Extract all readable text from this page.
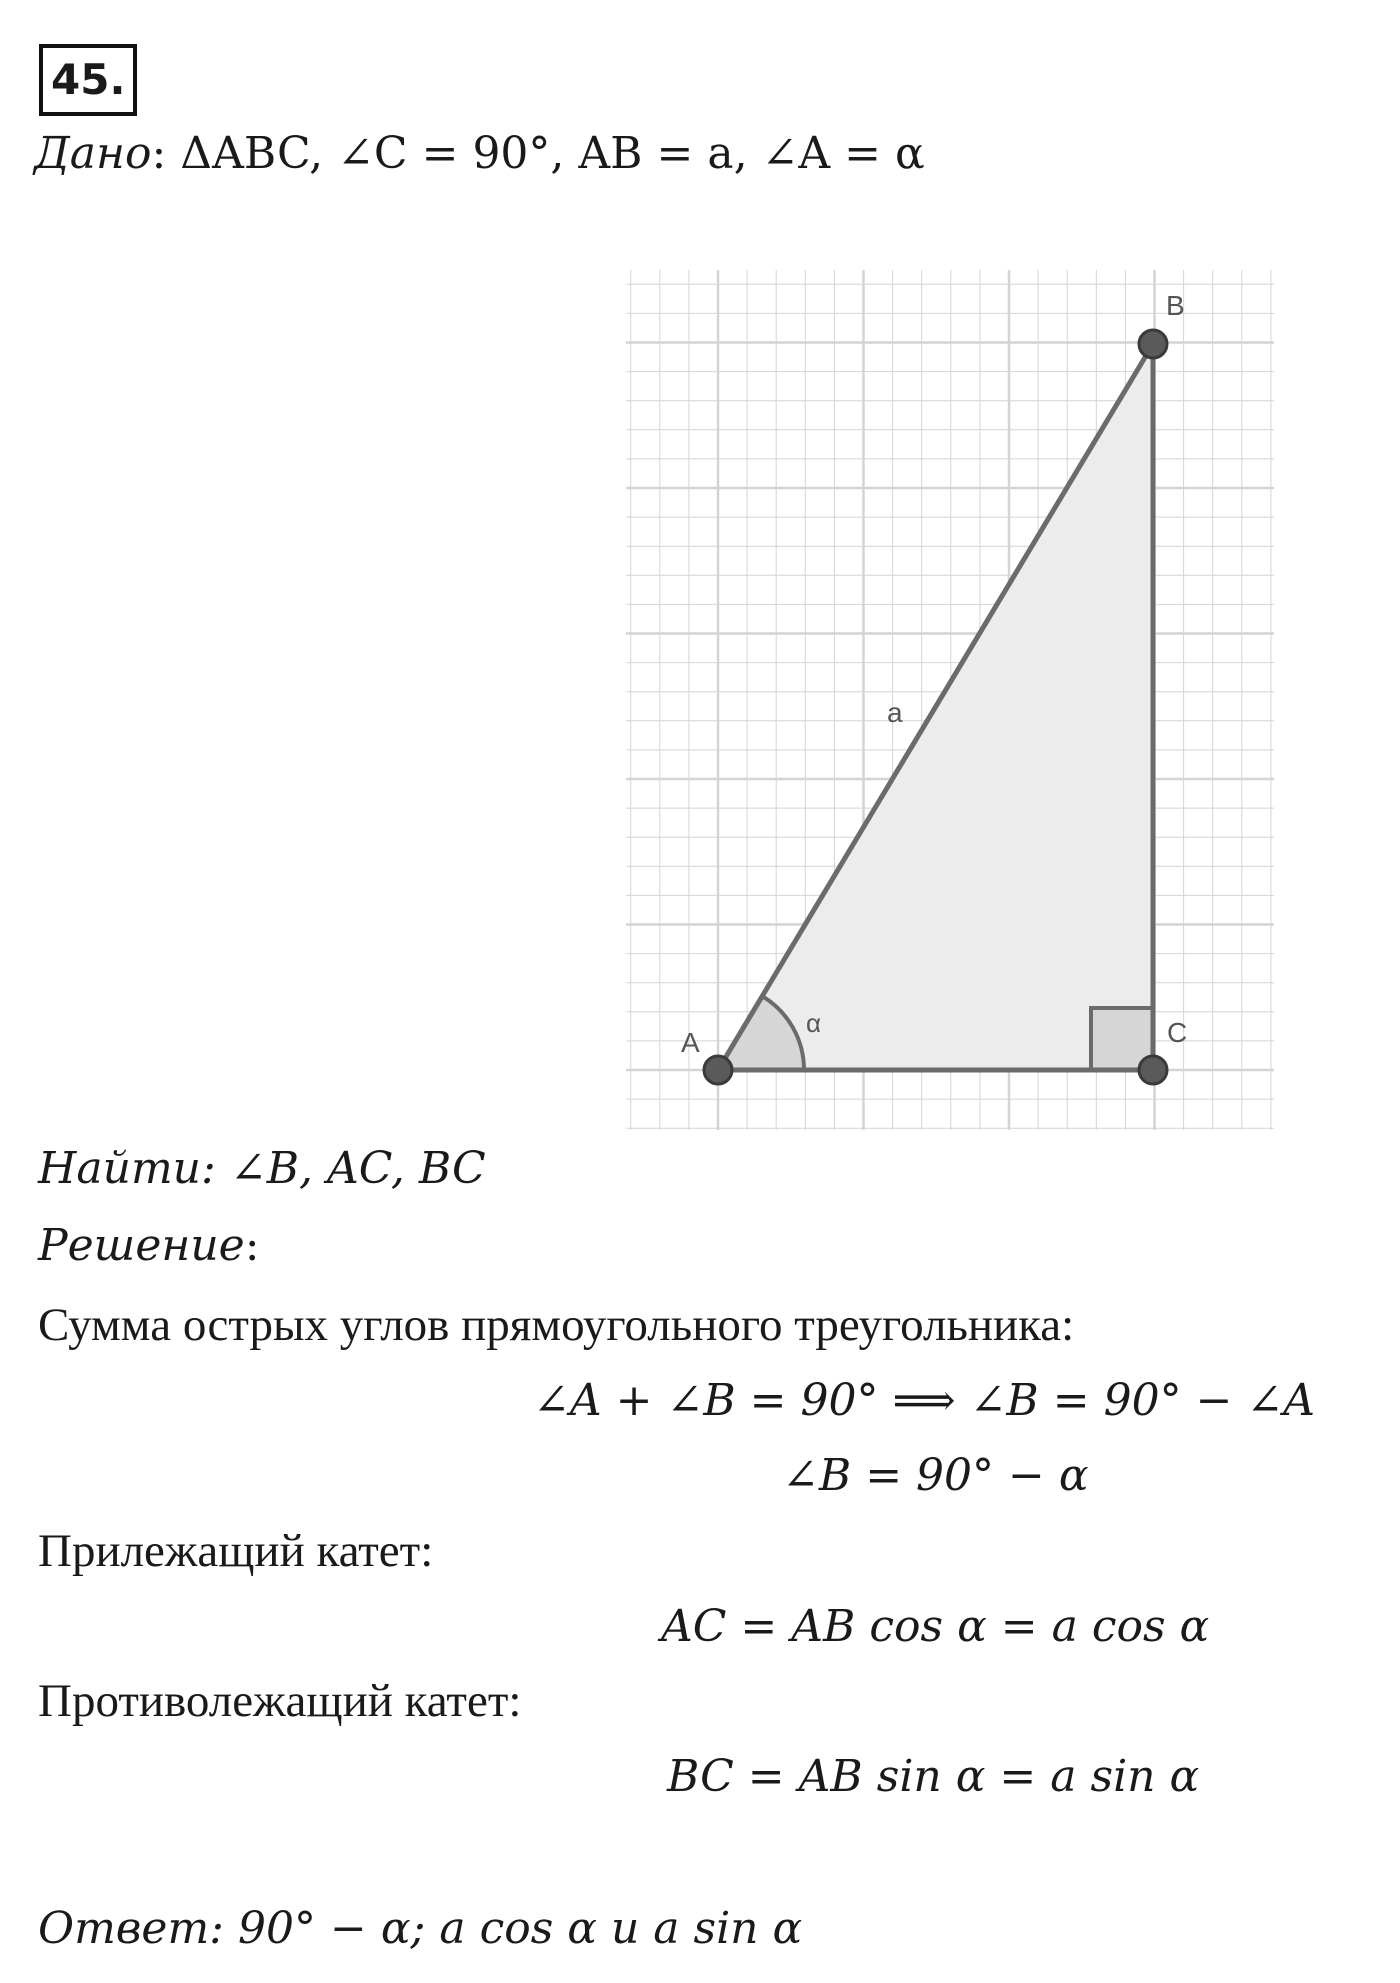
45.
Дано: ΔABC, ∠C = 90°, AB = a, ∠A = α
A
B
C
a
α
Найти: ∠B, AC, BC
Решение:
Сумма острых углов прямоугольного треугольника:
∠A + ∠B = 90° ⟹ ∠B = 90° − ∠A
∠B = 90° − α
Прилежащий катет:
AC = AB cos α = a cos α
Противолежащий катет:
BC = AB sin α = a sin α
Ответ: 90° − α; a cos α и a sin α
